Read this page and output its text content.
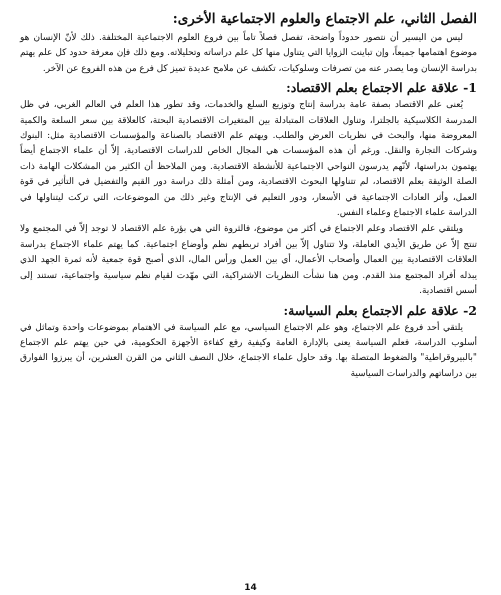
الفصل الثاني، علم الاجتماع والعلوم الاجتماعية الأخرى:

ليس من اليسير أن نتصور حدوداً واضحة، تفصل فصلاً تاماً بين فروع العلوم الاجتماعية المختلفة. ذلك لأنّ الإنسان هو موضوع اهتمامها جميعاً، وإن تباينت الزوايا التي يتناول منها كل علم دراساته وتحليلاته. ومع ذلك فإن معرفة حدود كل علم يهتم بدراسة الإنسان وما يصدر عنه من تصرفات وسلوكيات، تكشف عن ملامح عديدة تميز كل فرع من هذه الفروع عن الآخر.

1- علاقة علم الاجتماع بعلم الاقتصاد:

يُعنى علم الاقتصاد بصفة عامة بدراسة إنتاج وتوزيع السلع والخدمات، وقد تطور هذا العلم في العالم الغربي، في ظل المدرسة الكلاسيكية بالجلترا، وتناول العلاقات المتبادلة بين المتغيرات الاقتصادية البحتة، كالعلاقة بين سعر السلعة والكمية المعروضة منها، والبحث في نظريات العرض والطلب. ويهتم علم الاقتصاد بالصناعة والمؤسسات الاقتصادية مثل: البنوك وشركات التجارة والنقل. ورغم أن هذه المؤسسات هي المجال الخاص للدراسات الاقتصادية، إلاّ أن علماء الاجتماع أيضاً يهتمون بدراستها، لأنّهم يدرسون النواحي الاجتماعية للأنشطة الاقتصادية. ومن الملاحظ أن الكثير من المشكلات الهامة ذات الصلة الوثيقة بعلم الاقتصاد، لم تتناولها البحوث الاقتصادية، ومن أمثلة ذلك دراسة دور القيم والتفضيل في التأثير في قوة العمل، وأثر العادات الاجتماعية في الأسعار، ودور التعليم في الإنتاج وغير ذلك من الموضوعات، التي تركت ليتناولها في الدراسة علماء الاجتماع وعلماء النفس.

ويلتقي علم الاقتصاد وعلم الاجتماع في أكثر من موضوع، فالثروة التي هي بؤرة علم الاقتصاد لا توجد إلاّ في المجتمع ولا تنتج إلاّ عن طريق الأيدي العاملة، ولا تتناول إلاّ بين أفراد تربطهم نظم وأوضاع اجتماعية. كما يهتم علماء الاجتماع بدراسة العلاقات الاقتصادية بين العمال وأصحاب الأعمال، أي بين العمل ورأس المال، الذي أصبح قوة جمعية لأنه ثمرة الجهد الذي يبذله أفراد المجتمع منذ القدم. ومن هنا نشأت النظريات الاشتراكية، التي مهّدت لقيام نظم سياسية واجتماعية، تستند إلى أسس اقتصادية.

2- علاقة علم الاجتماع بعلم السياسة:

يلتقي أحد فروع علم الاجتماع، وهو علم الاجتماع السياسي، مع علم السياسة في الاهتمام بموضوعات واحدة وتماثل في أسلوب الدراسة، فعلم السياسة يعنى بالإدارة العامة وكيفية رفع كفاءة الأجهزة الحكومية، في حين يهتم علم الاجتماع "بالبيروقراطية" والضغوط المتصلة بها. وقد حاول علماء الاجتماع، خلال النصف الثاني من القرن العشرين، أن يبرزوا الفوارق بين دراساتهم والدراسات السياسية

14
